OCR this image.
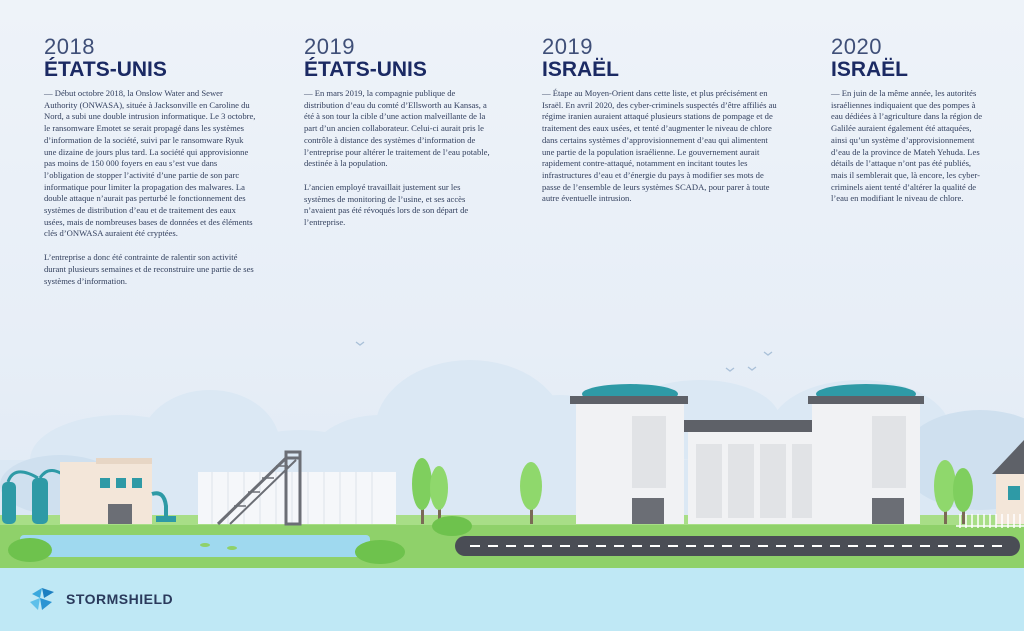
2018
ÉTATS-UNIS

— Début octobre 2018, la Onslow Water and Sewer Authority (ONWASA), située à Jacksonville en Caroline du Nord, a subi une double intrusion informatique. Le 3 octobre, le ransomware Emotet se serait propagé dans les systèmes d’information de la société, suivi par le ransomware Ryuk une dizaine de jours plus tard. La société qui approvisionne pas moins de 150 000 foyers en eau s’est vue dans l’obligation de stopper l’activité d’une partie de son parc informatique pour limiter la propagation des malwares. La double attaque n’aurait pas perturbé le fonctionnement des systèmes de distribution d’eau et de traitement des eaux usées, mais de nombreuses bases de données et des éléments clés d’ONWASA auraient été cryptées.

L’entreprise a donc été contrainte de ralentir son activité durant plusieurs semaines et de reconstruire une partie de ses systèmes d’information.

2019
ÉTATS-UNIS

— En mars 2019, la compagnie publique de distribution d’eau du comté d’Ellsworth au Kansas, a été à son tour la cible d’une action malveillante de la part d’un ancien collaborateur. Celui-ci aurait pris le contrôle à distance des systèmes d’information de l’entreprise pour altérer le traitement de l’eau potable, destinée à la population.

L’ancien employé travaillait justement sur les systèmes de monitoring de l’usine, et ses accès n’avaient pas été révoqués lors de son départ de l’entreprise.

2019
ISRAËL

— Étape au Moyen-Orient dans cette liste, et plus précisément en Israël. En avril 2020, des cyber-criminels suspectés d’être affiliés au régime iranien auraient attaqué plusieurs stations de pompage et de traitement des eaux usées, et tenté d’augmenter le niveau de chlore dans certains systèmes d’approvisionnement d’eau qui alimentent une partie de la population israélienne. Le gouvernement aurait rapidement contre-attaqué, notamment en incitant toutes les infrastructures d’eau et d’énergie du pays à modifier ses mots de passe de l’ensemble de leurs systèmes SCADA, pour parer à toute autre éventuelle intrusion.

2020
ISRAËL

— En juin de la même année, les autorités israéliennes indiquaient que des pompes à eau dédiées à l’agriculture dans la région de Galilée auraient également été attaquées, ainsi qu’un système d’approvisionnement d’eau de la province de Mateh Yehuda. Les détails de l’attaque n’ont pas été publiés, mais il semblerait que, là encore, les cyber-criminels aient tenté d’altérer la qualité de l’eau en modifiant le niveau de chlore.

STORMSHIELD
